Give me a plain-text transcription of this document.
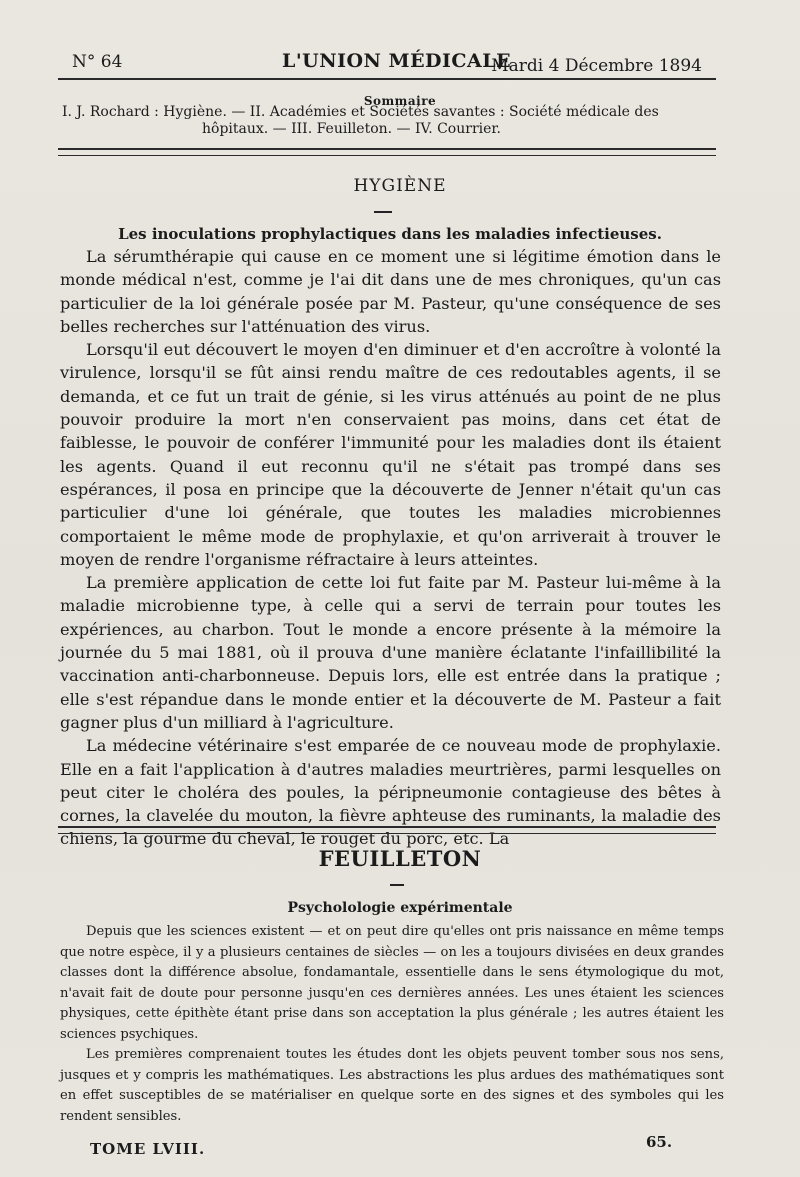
N° 64	L'UNION MÉDICALE
Mardi 4 Décembre 1894
Sommaire
I. J. Rochard : Hygiène. — II. Académies et Sociétés savantes : Société médicale des
hôpitaux. — III. Feuilleton. — IV. Courrier.
HYGIÈNE
Les inoculations prophylactiques dans les maladies infectieuses.

La sérumthérapie qui cause en ce moment une si légitime émotion dans le monde médical n'est, comme je l'ai dit dans une de mes chroniques, qu'un cas particulier de la loi générale posée par M. Pasteur, qu'une conséquence de ses belles recherches sur l'atténuation des virus.

Lorsqu'il eut découvert le moyen d'en diminuer et d'en accroître à volonté la virulence, lorsqu'il se fût ainsi rendu maître de ces redoutables agents, il se demanda, et ce fut un trait de génie, si les virus atténués au point de ne plus pouvoir produire la mort n'en conservaient pas moins, dans cet état de faiblesse, le pouvoir de conférer l'immunité pour les maladies dont ils étaient les agents. Quand il eut reconnu qu'il ne s'était pas trompé dans ses espérances, il posa en principe que la découverte de Jenner n'était qu'un cas particulier d'une loi générale, que toutes les maladies microbiennes comportaient le même mode de prophylaxie, et qu'on arriverait à trouver le moyen de rendre l'organisme réfractaire à leurs atteintes.

La première application de cette loi fut faite par M. Pasteur lui-même à la maladie microbienne type, à celle qui a servi de terrain pour toutes les expériences, au charbon. Tout le monde a encore présente à la mémoire la journée du 5 mai 1881, où il prouva d'une manière éclatante l'infaillibilité la vaccination anti-charbonneuse. Depuis lors, elle est entrée dans la pratique ; elle s'est répandue dans le monde entier et la découverte de M. Pasteur a fait gagner plus d'un milliard à l'agriculture.

La médecine vétérinaire s'est emparée de ce nouveau mode de prophylaxie. Elle en a fait l'application à d'autres maladies meurtrières, parmi lesquelles on peut citer le choléra des poules, la péripneumonie contagieuse des bêtes à cornes, la clavelée du mouton, la fièvre aphteuse des ruminants, la maladie des chiens, la gourme du cheval, le rouget du porc, etc. La

FEUILLETON
Psycholologie expérimentale

Depuis que les sciences existent — et on peut dire qu'elles ont pris naissance en même temps que notre espèce, il y a plusieurs centaines de siècles — on les a toujours divisées en deux grandes classes dont la différence absolue, fondamantale, essentielle dans le sens étymologique du mot, n'avait fait de doute pour personne jusqu'en ces dernières années. Les unes étaient les sciences physiques, cette épithète étant prise dans son acceptation la plus générale ; les autres étaient les sciences psychiques.

Les premières comprenaient toutes les études dont les objets peuvent tomber sous nos sens, jusques et y compris les mathématiques. Les abstractions les plus ardues des mathématiques sont en effet susceptibles de se matérialiser en quelque sorte en des signes et des symboles qui les rendent sensibles.

TOME LVIII.	65.
